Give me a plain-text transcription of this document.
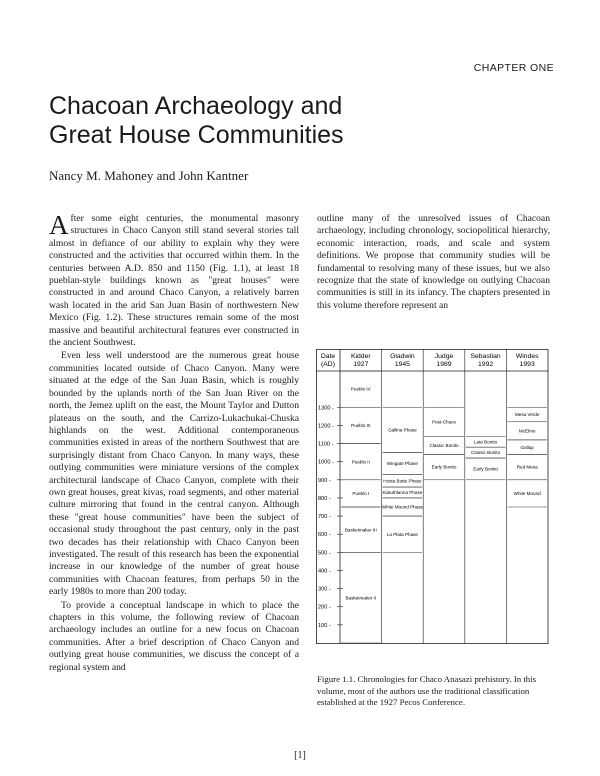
CHAPTER ONE
Chacoan Archaeology and
Great House Communities
Nancy M. Mahoney and John Kantner

After some eight centuries, the monumental masonry structures in Chaco Canyon still stand several stories tall almost in defiance of our ability to explain why they were constructed and the activities that occurred within them. In the centuries between A.D. 850 and 1150 (Fig. 1.1), at least 18 pueblan-style buildings known as "great houses" were constructed in and around Chaco Canyon, a relatively barren wash located in the arid San Juan Basin of northwestern New Mexico (Fig. 1.2). These structures remain some of the most massive and beautiful architectural features ever constructed in the ancient Southwest.

Even less well understood are the numerous great house communities located outside of Chaco Canyon. Many were situated at the edge of the San Juan Basin, which is roughly bounded by the uplands north of the San Juan River on the north, the Jemez uplift on the east, the Mount Taylor and Dutton plateaus on the south, and the Carrizo-Lukachukai-Chuska highlands on the west. Additional contemporaneous communities existed in areas of the northern Southwest that are surprisingly distant from Chaco Canyon. In many ways, these outlying communities were miniature versions of the complex architectural landscape of Chaco Canyon, complete with their own great houses, great kivas, road segments, and other material culture mirroring that found in the central canyon. Although these "great house communities" have been the subject of occasional study throughout the past century, only in the past two decades has their relationship with Chaco Canyon been investigated. The result of this research has been the exponential increase in our knowledge of the number of great house communities with Chacoan features, from perhaps 50 in the early 1980s to more than 200 today.

To provide a conceptual landscape in which to place the chapters in this volume, the following review of Chacoan archaeology includes an outline for a new focus on Chacoan communities. After a brief description of Chaco Canyon and outlying great house communities, we discuss the concept of a regional system and

outline many of the unresolved issues of Chacoan archaeology, including chronology, sociopolitical hierarchy, economic interaction, roads, and scale and system definitions. We propose that community studies will be fundamental to resolving many of these issues, but we also recognize that the state of knowledge on outlying Chacoan communities is still in its infancy. The chapters presented in this volume therefore represent an

Date
(AD)
Kidder
1927
Gladwin
1945
Judge
1989
Sebastian
1992
Windes
1993
1300 -
1200 -
1100 -
1000 -
900 -
800 -
700 -
600 -
500 -
400 -
300 -
200 -
100 -
Pueblo IV
Pueblo III
Pueblo II
Pueblo I
Basketmaker III
Basketmaker II
Gallina Phase
Wingate Phase
Hosta Butte Phase
Kiatuthlanna Phase
White Mound Phase
La Plata Phase
Post-Chaco
Classic Bonito
Early Bonito
Late Bonito
Classic Bonito
Early Bonito
Mesa Verde
McElmo
Gallup
Red Mesa
White Mound
Figure 1.1. Chronologies for Chaco Anasazi prehistory. In this volume, most of the authors use the traditional classification established at the 1927 Pecos Conference.
[1]
